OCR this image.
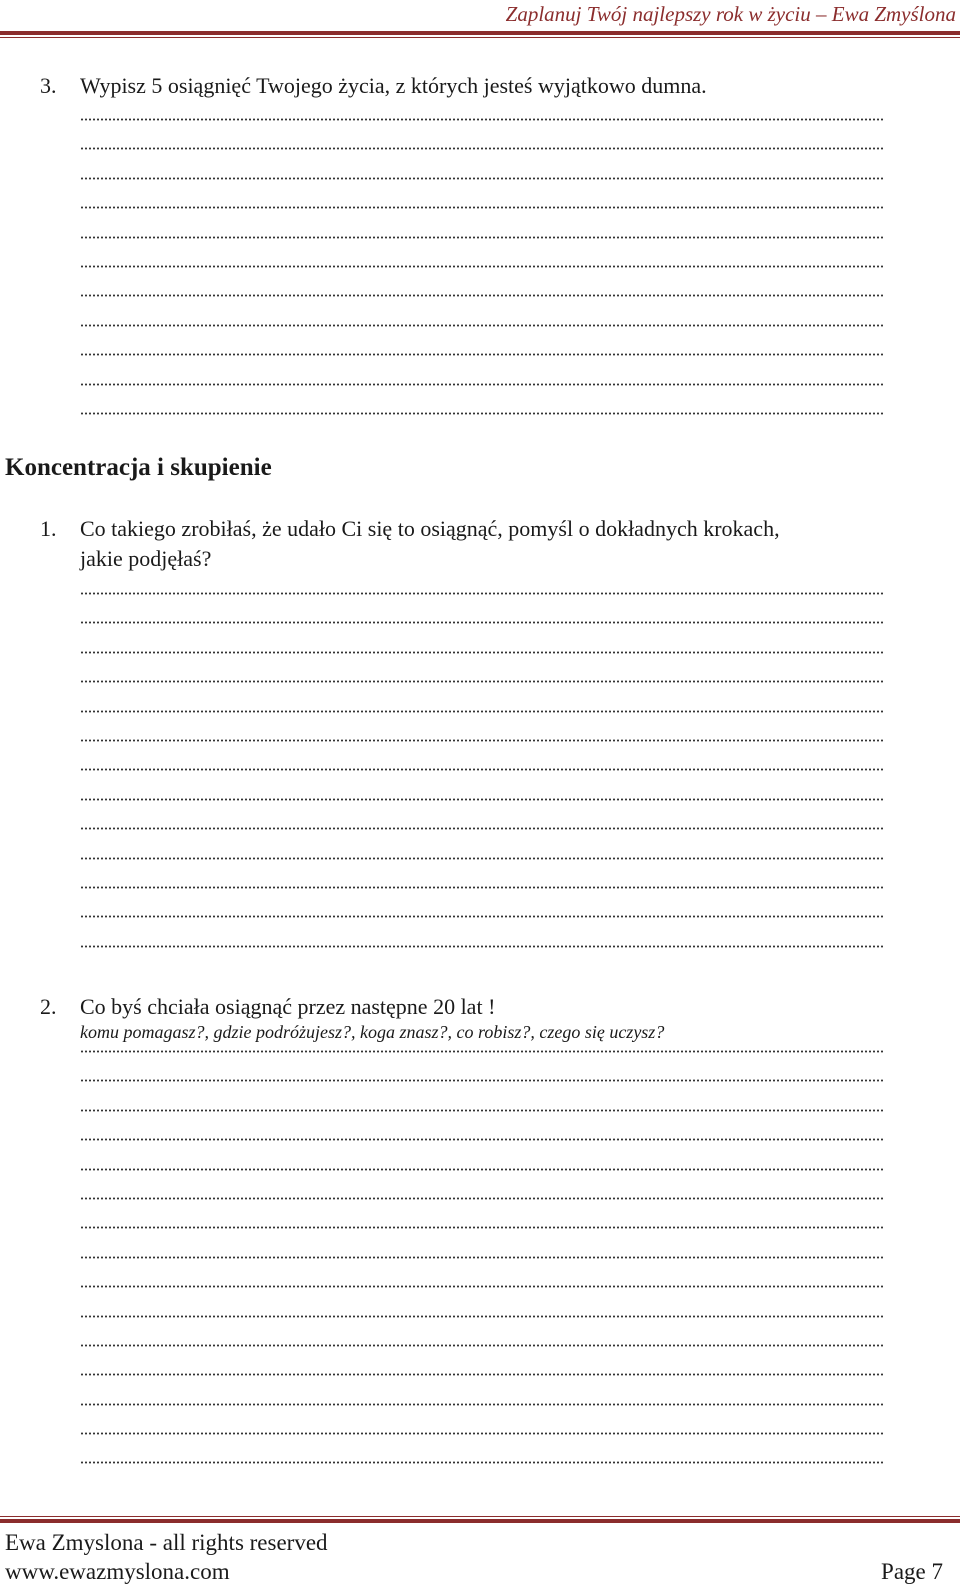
Zaplanuj Twój najlepszy rok w życiu – Ewa Zmyślona
3. Wypisz 5 osiągnięć Twojego życia, z których jesteś wyjątkowo dumna.
Koncentracja i skupienie
1. Co takiego zrobiłaś, że udało Ci się to osiągnąć, pomyśl o dokładnych krokach,
jakie podjęłaś?
2. Co byś chciała osiągnąć przez następne 20 lat !
komu pomagasz?, gdzie podróżujesz?, koga znasz?, co robisz?, czego się uczysz?
Ewa Zmyslona - all rights reserved
www.ewazmyslona.com	Page 7
